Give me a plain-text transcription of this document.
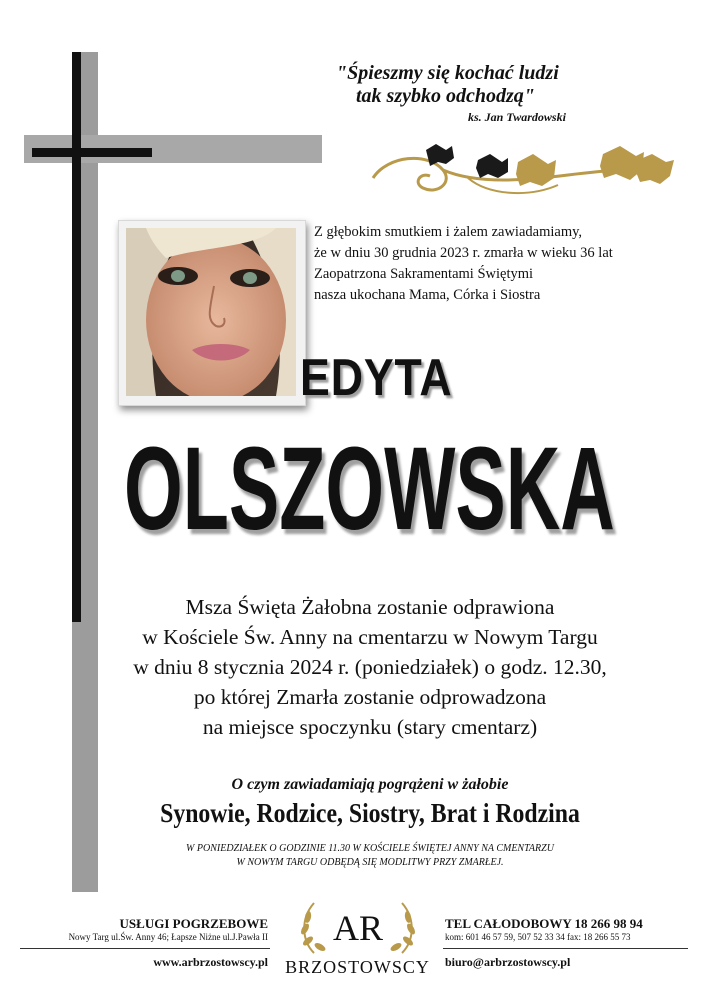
"Śpieszmy się kochać ludzi
tak szybko odchodzą"
ks. Jan Twardowski
Z głębokim smutkiem i żalem zawiadamiamy,
że w dniu 30 grudnia 2023 r. zmarła w wieku 36 lat
Zaopatrzona Sakramentami Świętymi
nasza ukochana Mama, Córka i Siostra
EDYTA
OLSZOWSKA
Msza Święta Żałobna zostanie odprawiona
w Kościele Św. Anny na cmentarzu w Nowym Targu
w dniu 8 stycznia 2024 r. (poniedziałek) o godz. 12.30,
po której Zmarła zostanie odprowadzona
na miejsce spoczynku (stary cmentarz)
O czym zawiadamiają pogrążeni w żałobie
Synowie, Rodzice, Siostry, Brat i Rodzina
W PONIEDZIAŁEK O GODZINIE 11.30 W KOŚCIELE ŚWIĘTEJ ANNY NA CMENTARZU
W NOWYM TARGU ODBĘDĄ SIĘ MODLITWY PRZY ZMARŁEJ.
USŁUGI POGRZEBOWE
Nowy Targ ul.Św. Anny 46; Łapsze Niżne ul.J.Pawła II
www.arbrzostowscy.pl
TEL CAŁODOBOWY 18 266 98 94
kom: 601 46 57 59, 507 52 33 34 fax: 18 266 55 73
biuro@arbrzostowscy.pl
AR
BRZOSTOWSCY
